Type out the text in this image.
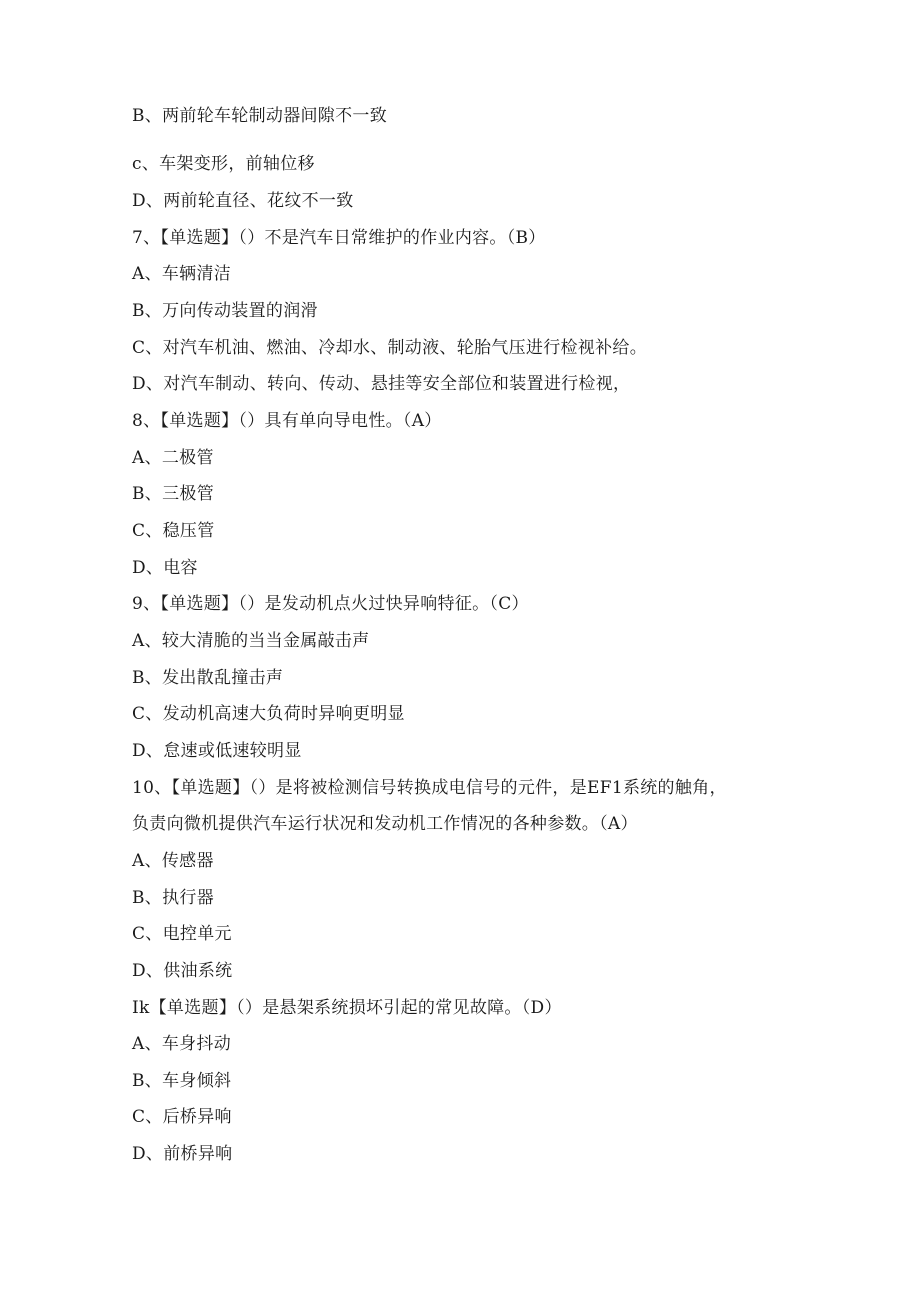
B、两前轮车轮制动器间隙不一致
c、车架变形，前轴位移
D、两前轮直径、花纹不一致
7、【单选题】（）不是汽车日常维护的作业内容。（B）
A、车辆清洁
B、万向传动装置的润滑
C、对汽车机油、燃油、冷却水、制动液、轮胎气压进行检视补给。
D、对汽车制动、转向、传动、悬挂等安全部位和装置进行检视，
8、【单选题】（）具有单向导电性。（A）
A、二极管
B、三极管
C、稳压管
D、电容
9、【单选题】（）是发动机点火过快异响特征。（C）
A、较大清脆的当当金属敲击声
B、发出散乱撞击声
C、发动机高速大负荷时异响更明显
D、怠速或低速较明显
10、【单选题】（）是将被检测信号转换成电信号的元件，是EF1系统的触角，
负责向微机提供汽车运行状况和发动机工作情况的各种参数。（A）
A、传感器
B、执行器
C、电控单元
D、供油系统
Ik【单选题】（）是悬架系统损坏引起的常见故障。（D）
A、车身抖动
B、车身倾斜
C、后桥异响
D、前桥异响
